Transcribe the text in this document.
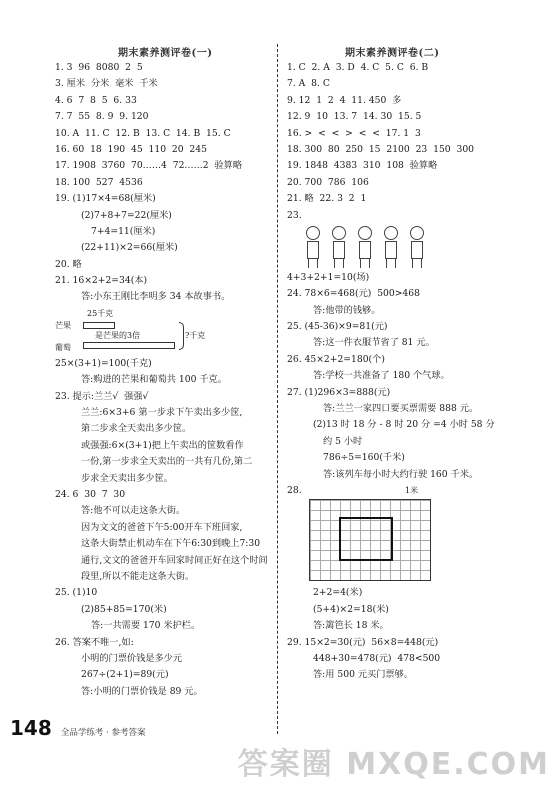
期末素养测评卷(一)	期末素养测评卷(二)
1. 3  96  8080  2  5
3. 厘米  分米  毫米  千米
4. 6  7  8  5  6. 33
7. 7  55  8. 9  9. 120
10. A  11. C  12. B  13. C  14. B  15. C
16. 60  18  190  45  110  20  245
17. 1908  3760  70……4  72……2  验算略
18. 100  527  4536
19. (1)17×4=68(厘米)
(2)7+8+7=22(厘米)
7+4=11(厘米)
(22+11)×2=66(厘米)
20. 略
21. 16×2+2=34(本)
答:小东王刚比李明多 34 本故事书。
25千克
芒果
是芒果的3倍
葡萄
?千克
25×(3+1)=100(千克)
答:购进的芒果和葡萄共 100 千克。
23. 提示:兰兰√  强强√
兰兰:6×3+6 第一步求下午卖出多少筐,
第二步求全天卖出多少筐。
或强强:6×(3+1)把上午卖出的筐数看作
一份,第一步求全天卖出的一共有几份,第二
步求全天卖出多少筐。
24. 6  30  7  30
答:他不可以走这条大街。
因为文文的爸爸下午5:00开车下班回家,
这条大街禁止机动车在下午6:30到晚上7:30
通行,文文的爸爸开车回家时间正好在这个时间
段里,所以不能走这条大街。
25. (1)10
(2)85+85=170(米)
答:一共需要 170 米护栏。
26. 答案不唯一,如:
小明的门票价钱是多少元
267÷(2+1)=89(元)
答:小明的门票价钱是 89 元。
1. C  2. A  3. D  4. C  5. C  6. B
7. A  8. C
9. 12  1  2  4  11. 450  多
12. 9  10  13. 7  14. 30  15. 5
16. >  <  <  >  <  <  17. 1  3
18. 300  80  250  15  2100  23  150  300
19. 1848  4383  310  108  验算略
20. 700  786  106
21. 略  22. 3  2  1
23.
4+3+2+1=10(场)
24. 78×6=468(元)  500>468
答:他带的钱够。
25. (45-36)×9=81(元)
答:这一件衣服节省了 81 元。
26. 45×2+2=180(个)
答:学校一共准备了 180 个气球。
27. (1)296×3=888(元)
答:兰兰一家四口要买票需要 888 元。
(2)13 时 18 分 - 8 时 20 分 =4 小时 58 分
约 5 小时
786÷5=160(千米)
答:该列车每小时大约行驶 160 千米。
28.	1米
2+2=4(米)
(5+4)×2=18(米)
答:篱笆长 18 米。
29. 15×2=30(元)  56×8=448(元)
448+30=478(元)  478<500
答:用 500 元买门票够。
148 全品学练考 · 参考答案
答案圈 MXQE.COM
